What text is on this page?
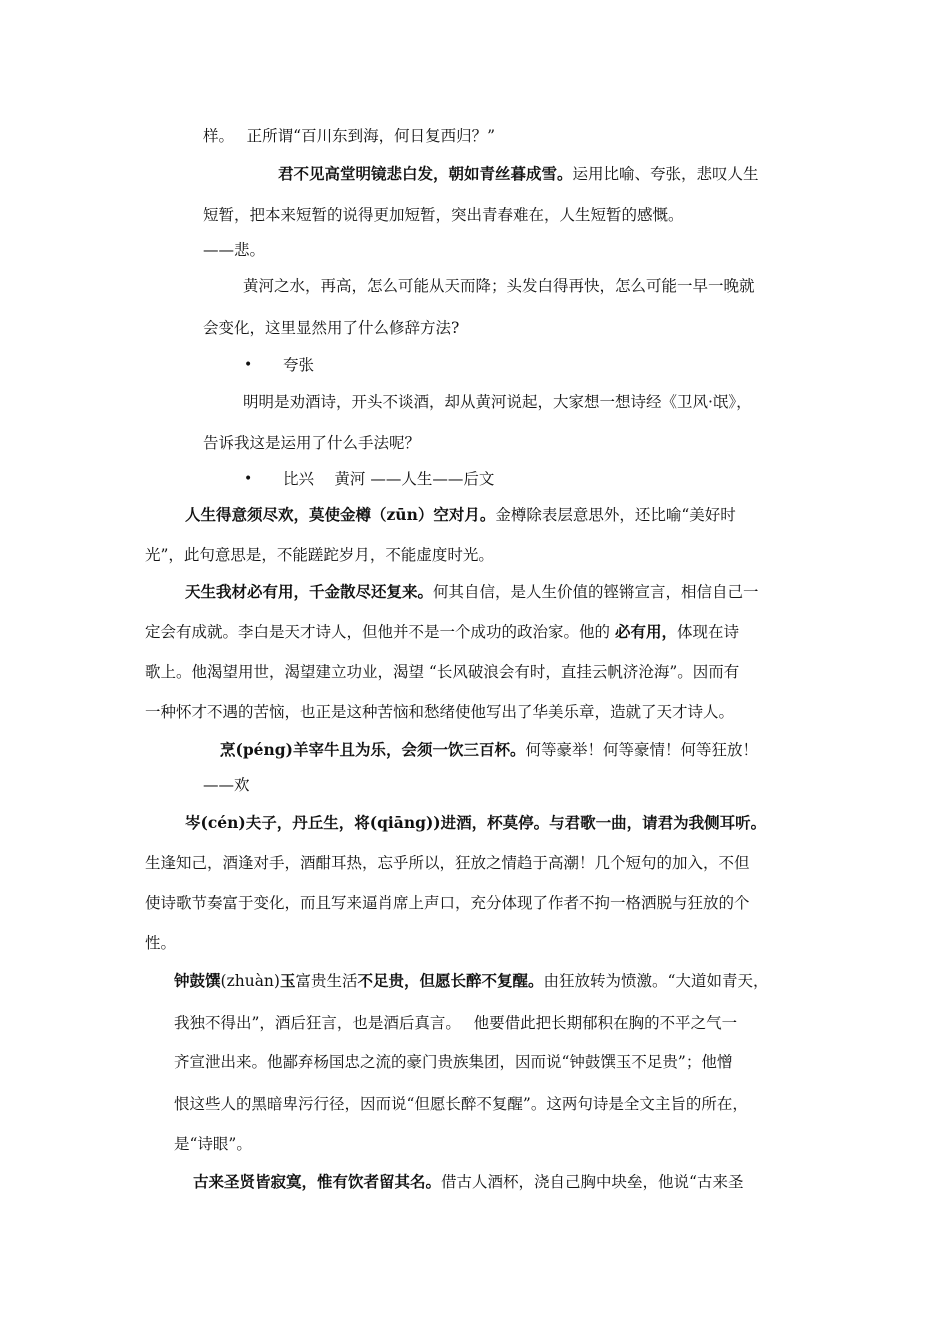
样。　 正所谓“百川东到海，何日复西归？”
君不见高堂明镜悲白发，朝如青丝暮成雪。运用比喻、夸张，悲叹人生
短暂，把本来短暂的说得更加短暂，突出青春难在，人生短暂的感慨。
——悲。
黄河之水，再高，怎么可能从天而降；头发白得再快，怎么可能一早一晚就
会变化，这里显然用了什么修辞方法?
• 夸张
明明是劝酒诗，开头不谈酒，却从黄河说起，大家想一想诗经《卫风·氓》，
告诉我这是运用了什么手法呢？
• 比兴　 黄河 ——人生——后文
人生得意须尽欢，莫使金樽（zūn）空对月。金樽除表层意思外，还比喻“美好时
光”，此句意思是，不能蹉跎岁月，不能虚度时光。
天生我材必有用，千金散尽还复来。何其自信，是人生价值的铿锵宣言，相信自己一
定会有成就。李白是天才诗人，但他并不是一个成功的政治家。他的 必有用，体现在诗
歌上。他渴望用世，渴望建立功业，渴望 “长风破浪会有时，直挂云帆济沧海”。因而有
一种怀才不遇的苦恼，也正是这种苦恼和愁绪使他写出了华美乐章，造就了天才诗人。
烹(péng)羊宰牛且为乐，会须一饮三百杯。何等豪举！何等豪情！何等狂放！
——欢
岑(cén)夫子，丹丘生，将(qiāng))进酒，杯莫停。与君歌一曲，请君为我侧耳听。
生逢知己，酒逢对手，酒酣耳热，忘乎所以，狂放之情趋于高潮！几个短句的加入，不但
使诗歌节奏富于变化，而且写来逼肖席上声口，充分体现了作者不拘一格洒脱与狂放的个
性。
钟鼓馔(zhuàn)玉富贵生活不足贵，但愿长醉不复醒。由狂放转为愤激。“大道如青天，
我独不得出”，酒后狂言，也是酒后真言。　 他要借此把长期郁积在胸的不平之气一
齐宣泄出来。他鄙弃杨国忠之流的豪门贵族集团，因而说“钟鼓馔玉不足贵”；他憎
恨这些人的黑暗卑污行径，因而说“但愿长醉不复醒”。这两句诗是全文主旨的所在，
是“诗眼”。
古来圣贤皆寂寞，惟有饮者留其名。借古人酒杯，浇自己胸中块垒，他说“古来圣
